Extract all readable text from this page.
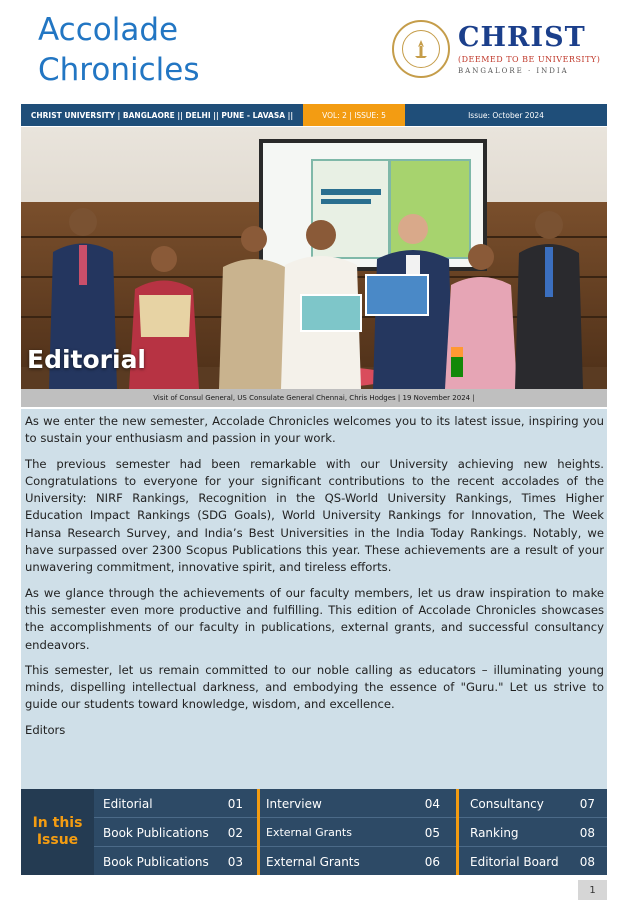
Accolade
Chronicles
CHRIST
(DEEMED TO BE UNIVERSITY)
BANGALORE · INDIA
CHRIST UNIVERSITY | BANGLAORE || DELHI || PUNE - LAVASA ||	VOL: 2 | ISSUE: 5	Issue: October 2024
Editorial
Visit of Consul General, US Consulate General Chennai, Chris Hodges | 19 November 2024 |

As we enter the new semester, Accolade Chronicles welcomes you to its latest issue, inspiring you to sustain your enthusiasm and passion in your work.

The previous semester had been remarkable with our University achieving new heights. Congratulations to everyone for your significant contributions to the recent accolades of the University: NIRF Rankings, Recognition in the QS-World University Rankings, Times Higher Education Impact Rankings (SDG Goals), World University Rankings for Innovation, The Week Hansa Research Survey, and India’s Best Universities in the India Today Rankings. Notably, we have surpassed over 2300 Scopus Publications this year. These achievements are a result of your unwavering commitment, innovative spirit, and tireless efforts.

As we glance through the achievements of our faculty members, let us draw inspiration to make this semester even more productive and fulfilling. This edition of Accolade Chronicles showcases the accomplishments of our faculty in publications, external grants, and successful consultancy endeavors.

This semester, let us remain committed to our noble calling as educators – illuminating young minds, dispelling intellectual darkness, and embodying the essence of "Guru." Let us strive to guide our students toward knowledge, wisdom, and excellence.

Editors

In this
Issue
Editorial	01
Book Publications	02
Book Publications	03
Interview	04
External Grants	05
External Grants	06
Consultancy	07
Ranking	08
Editorial Board	08
1
